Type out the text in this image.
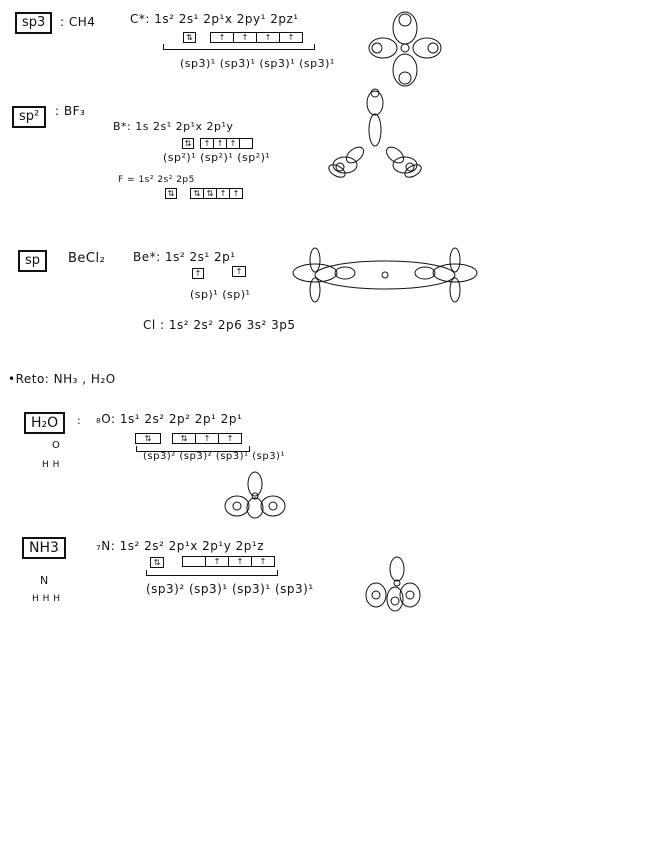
sp3	: CH4	C*: 1s² 2s¹ 2p¹x 2py¹ 2pz¹
⇅	↑	↑	↑	↑
(sp3)¹ (sp3)¹ (sp3)¹ (sp3)¹
sp²	: BF₃
B*: 1s 2s¹ 2p¹x 2p¹y
⇅	↑ ↑ ↑
(sp²)¹ (sp²)¹ (sp²)¹
F = 1s² 2s² 2p5
⇅	⇅ ⇅ ↑ ↑
sp	BeCl₂ Be*: 1s² 2s¹ 2p¹
↑	↑
(sp)¹ (sp)¹
Cl : 1s² 2s² 2p6 3s² 3p5
•Reto: NH₃ , H₂O
H₂O	: ₈O: 1s¹ 2s² 2p² 2p¹ 2p¹
⇅	⇅	↑	↑
(sp3)² (sp3)² (sp3)¹ (sp3)¹
O
H H
NH3	₇N: 1s² 2s² 2p¹x 2p¹y 2p¹z
⇅	↑	↑	↑
(sp3)² (sp3)¹ (sp3)¹ (sp3)¹
N
H H H
